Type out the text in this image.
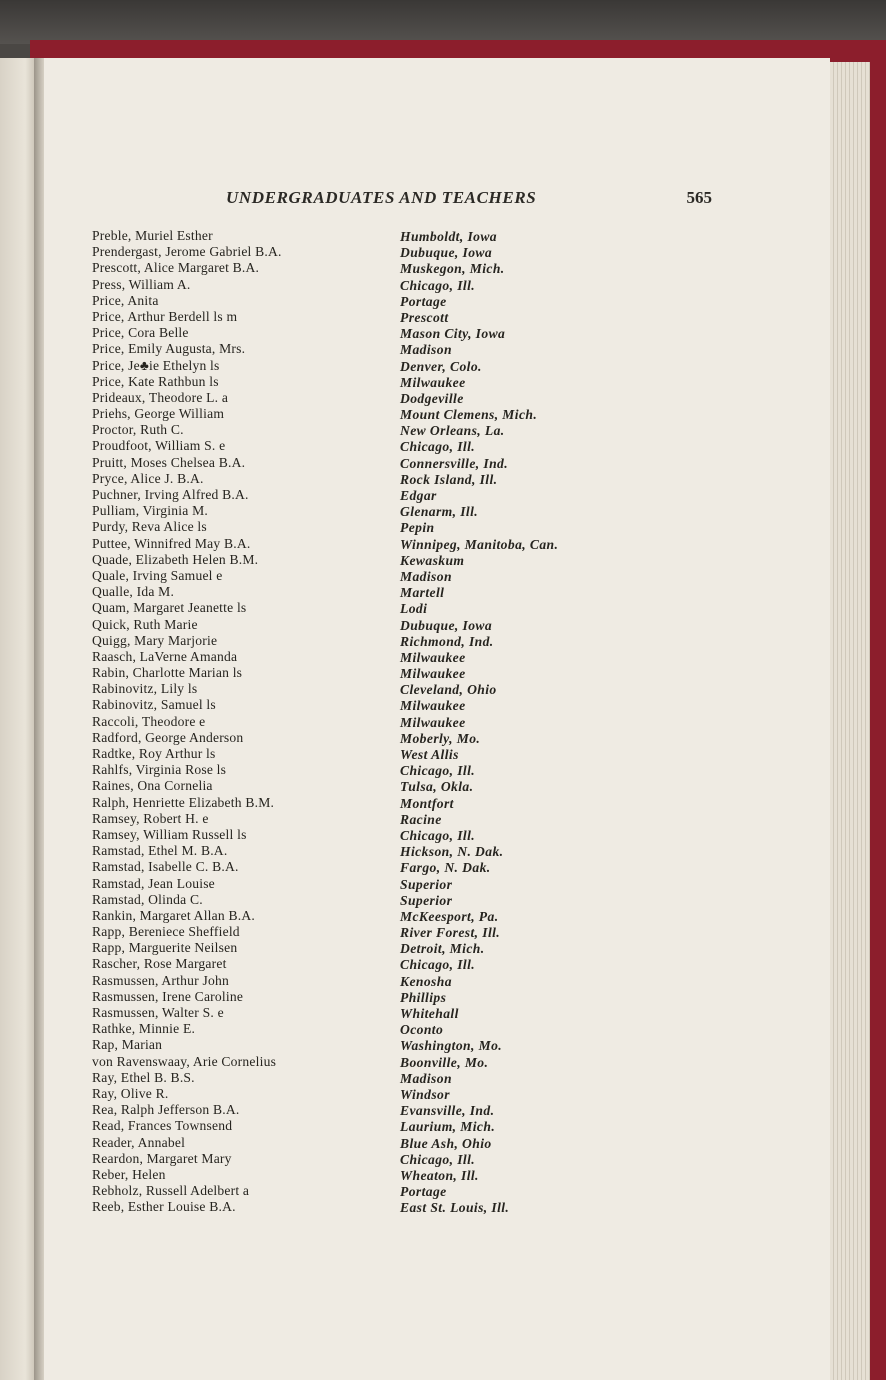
UNDERGRADUATES AND TEACHERS	565
Preble, Muriel Esther	Humboldt, Iowa
Prendergast, Jerome Gabriel B.A.	Dubuque, Iowa
Prescott, Alice Margaret B.A.	Muskegon, Mich.
Press, William A.	Chicago, Ill.
Price, Anita	Portage
Price, Arthur Berdell ls m	Prescott
Price, Cora Belle	Mason City, Iowa
Price, Emily Augusta, Mrs.	Madison
Price, Je♣ie Ethelyn ls	Denver, Colo.
Price, Kate Rathbun ls	Milwaukee
Prideaux, Theodore L. a	Dodgeville
Priehs, George William	Mount Clemens, Mich.
Proctor, Ruth C.	New Orleans, La.
Proudfoot, William S. e	Chicago, Ill.
Pruitt, Moses Chelsea B.A.	Connersville, Ind.
Pryce, Alice J. B.A.	Rock Island, Ill.
Puchner, Irving Alfred B.A.	Edgar
Pulliam, Virginia M.	Glenarm, Ill.
Purdy, Reva Alice ls	Pepin
Puttee, Winnifred May B.A.	Winnipeg, Manitoba, Can.
Quade, Elizabeth Helen B.M.	Kewaskum
Quale, Irving Samuel e	Madison
Qualle, Ida M.	Martell
Quam, Margaret Jeanette ls	Lodi
Quick, Ruth Marie	Dubuque, Iowa
Quigg, Mary Marjorie	Richmond, Ind.
Raasch, LaVerne Amanda	Milwaukee
Rabin, Charlotte Marian ls	Milwaukee
Rabinovitz, Lily ls	Cleveland, Ohio
Rabinovitz, Samuel ls	Milwaukee
Raccoli, Theodore e	Milwaukee
Radford, George Anderson	Moberly, Mo.
Radtke, Roy Arthur ls	West Allis
Rahlfs, Virginia Rose ls	Chicago, Ill.
Raines, Ona Cornelia	Tulsa, Okla.
Ralph, Henriette Elizabeth B.M.	Montfort
Ramsey, Robert H. e	Racine
Ramsey, William Russell ls	Chicago, Ill.
Ramstad, Ethel M. B.A.	Hickson, N. Dak.
Ramstad, Isabelle C. B.A.	Fargo, N. Dak.
Ramstad, Jean Louise	Superior
Ramstad, Olinda C.	Superior
Rankin, Margaret Allan B.A.	McKeesport, Pa.
Rapp, Bereniece Sheffield	River Forest, Ill.
Rapp, Marguerite Neilsen	Detroit, Mich.
Rascher, Rose Margaret	Chicago, Ill.
Rasmussen, Arthur John	Kenosha
Rasmussen, Irene Caroline	Phillips
Rasmussen, Walter S. e	Whitehall
Rathke, Minnie E.	Oconto
Rap, Marian	Washington, Mo.
von Ravenswaay, Arie Cornelius	Boonville, Mo.
Ray, Ethel B. B.S.	Madison
Ray, Olive R.	Windsor
Rea, Ralph Jefferson B.A.	Evansville, Ind.
Read, Frances Townsend	Laurium, Mich.
Reader, Annabel	Blue Ash, Ohio
Reardon, Margaret Mary	Chicago, Ill.
Reber, Helen	Wheaton, Ill.
Rebholz, Russell Adelbert a	Portage
Reeb, Esther Louise B.A.	East St. Louis, Ill.
